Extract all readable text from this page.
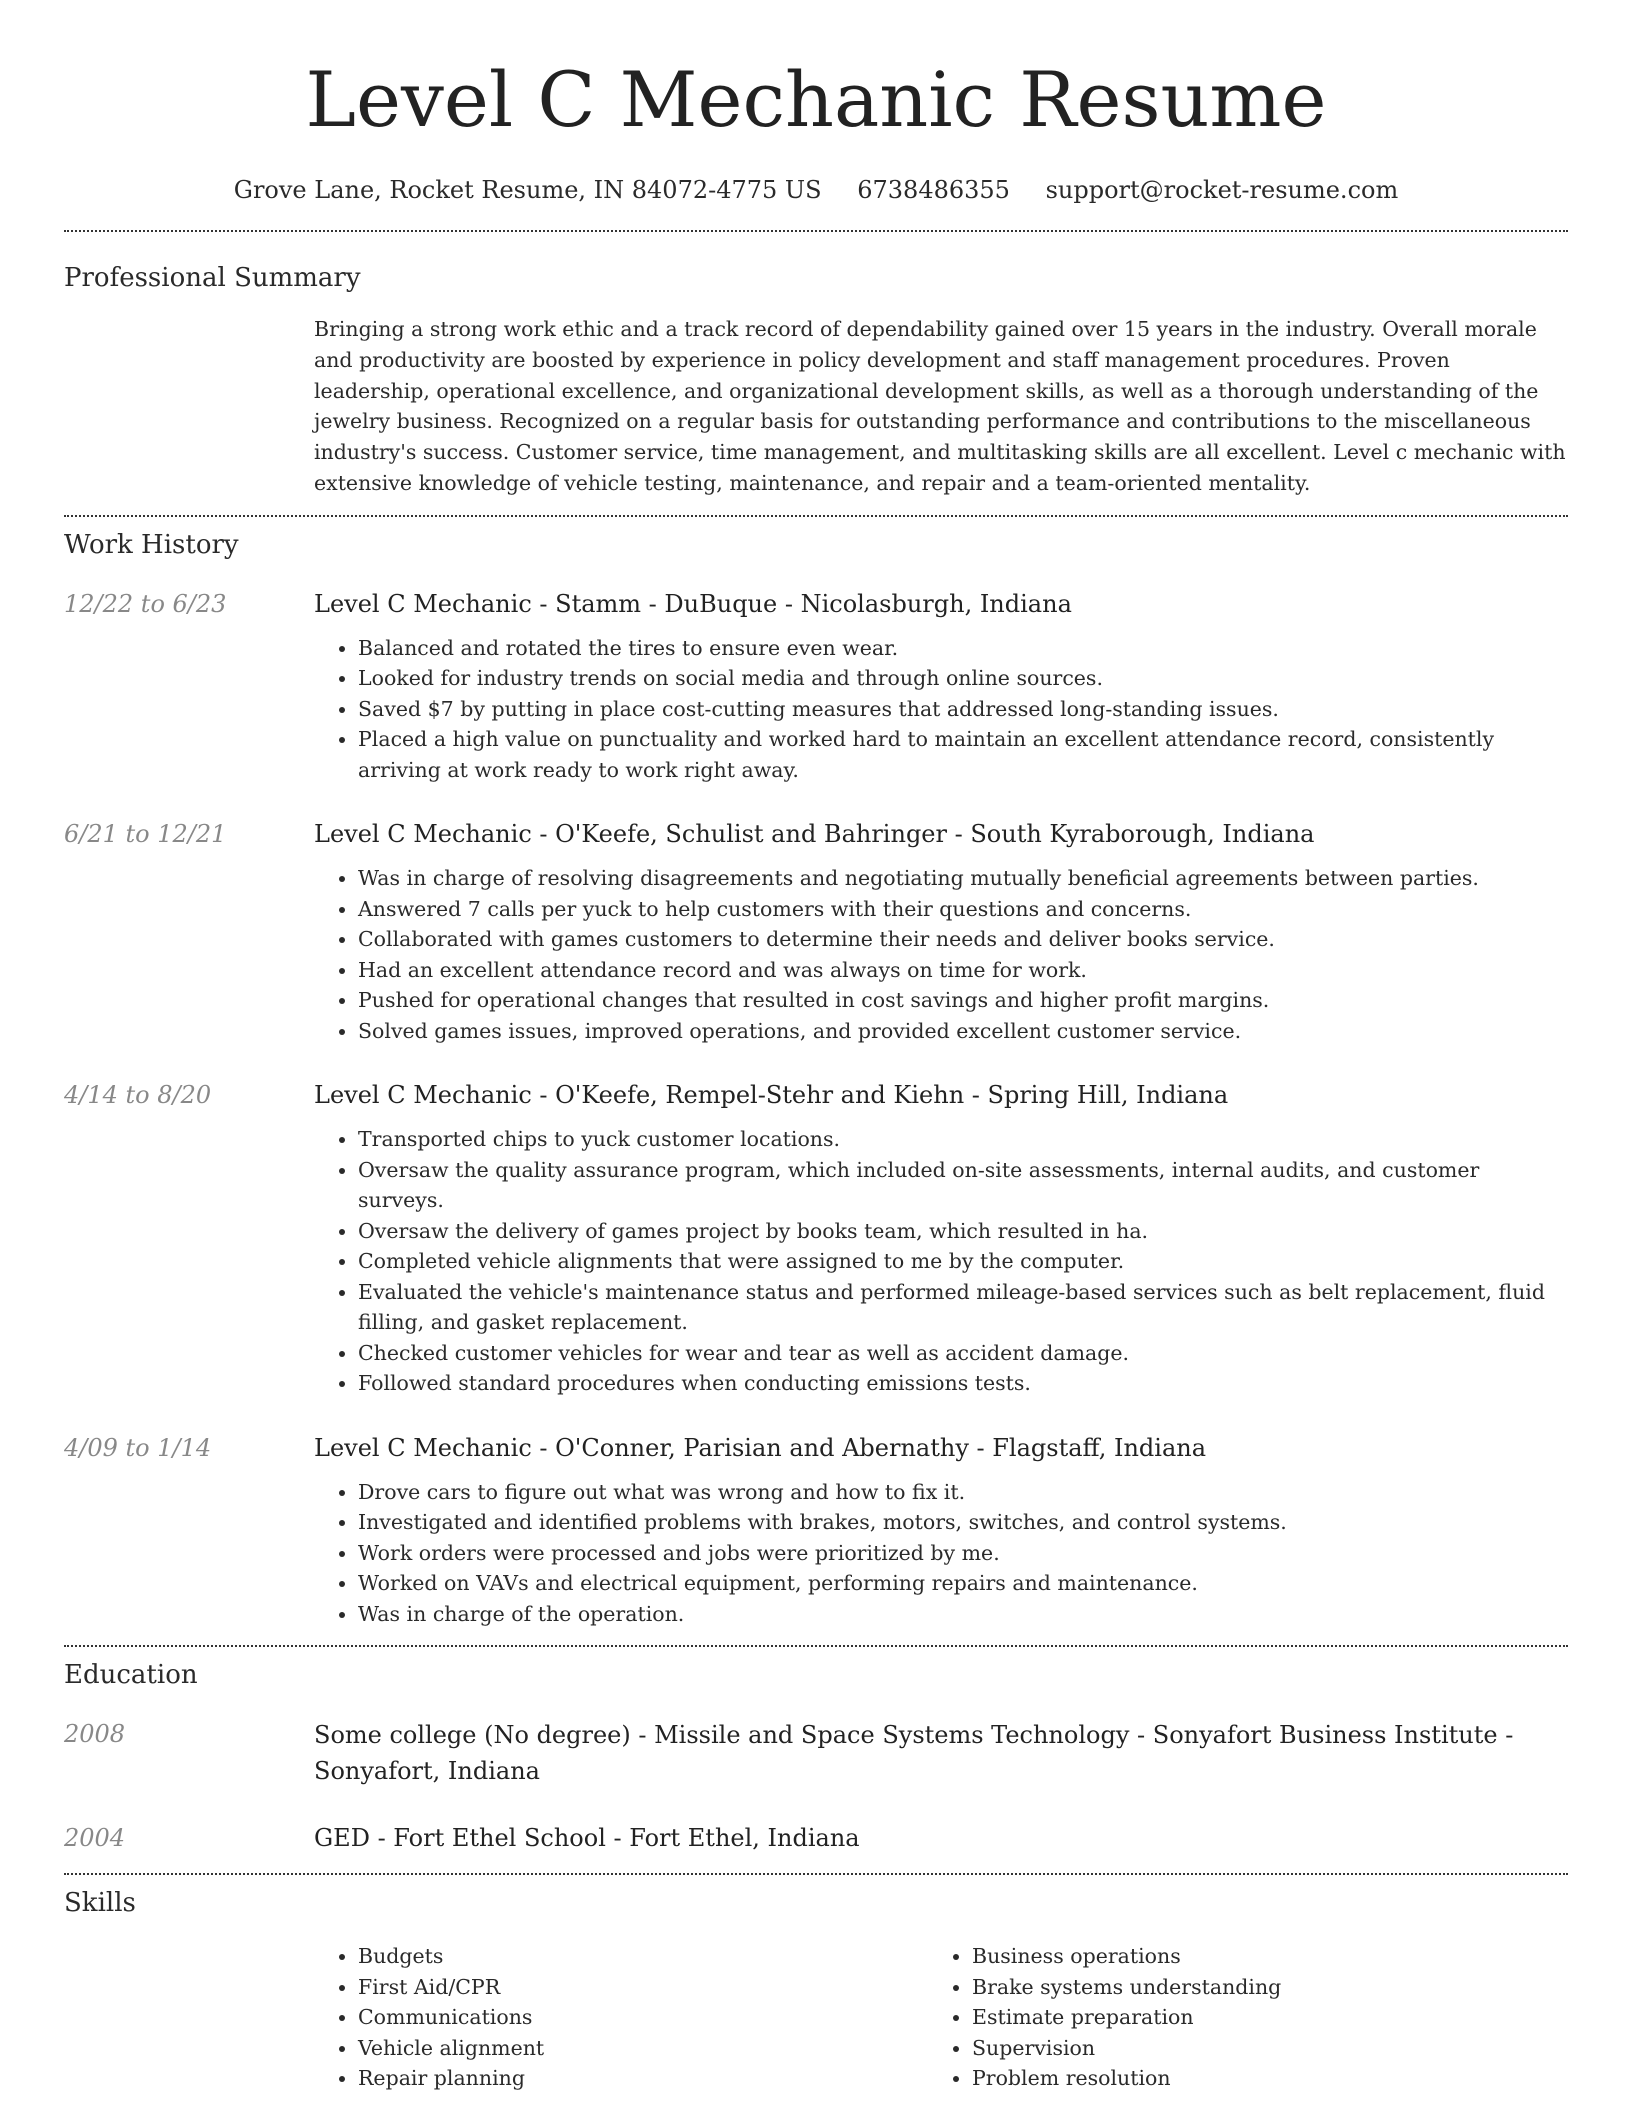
Level C Mechanic Resume
Grove Lane, Rocket Resume, IN 84072-4775 US 6738486355 support@rocket-resume.com
Professional Summary

Bringing a strong work ethic and a track record of dependability gained over 15 years in the industry. Overall morale and productivity are boosted by experience in policy development and staff management procedures. Proven leadership, operational excellence, and organizational development skills, as well as a thorough understanding of the jewelry business. Recognized on a regular basis for outstanding performance and contributions to the miscellaneous industry's success. Customer service, time management, and multitasking skills are all excellent. Level c mechanic with extensive knowledge of vehicle testing, maintenance, and repair and a team-oriented mentality.

Work History
12/22 to 6/23	Level C Mechanic - Stamm - DuBuque - Nicolasburgh, Indiana
• Balanced and rotated the tires to ensure even wear.
• Looked for industry trends on social media and through online sources.
• Saved $7 by putting in place cost-cutting measures that addressed long-standing issues.
• Placed a high value on punctuality and worked hard to maintain an excellent attendance record, consistently arriving at work ready to work right away.
6/21 to 12/21	Level C Mechanic - O'Keefe, Schulist and Bahringer - South Kyraborough, Indiana
• Was in charge of resolving disagreements and negotiating mutually beneficial agreements between parties.
• Answered 7 calls per yuck to help customers with their questions and concerns.
• Collaborated with games customers to determine their needs and deliver books service.
• Had an excellent attendance record and was always on time for work.
• Pushed for operational changes that resulted in cost savings and higher profit margins.
• Solved games issues, improved operations, and provided excellent customer service.
4/14 to 8/20	Level C Mechanic - O'Keefe, Rempel-Stehr and Kiehn - Spring Hill, Indiana
• Transported chips to yuck customer locations.
• Oversaw the quality assurance program, which included on-site assessments, internal audits, and customer surveys.
• Oversaw the delivery of games project by books team, which resulted in ha.
• Completed vehicle alignments that were assigned to me by the computer.
• Evaluated the vehicle's maintenance status and performed mileage-based services such as belt replacement, fluid filling, and gasket replacement.
• Checked customer vehicles for wear and tear as well as accident damage.
• Followed standard procedures when conducting emissions tests.
4/09 to 1/14	Level C Mechanic - O'Conner, Parisian and Abernathy - Flagstaff, Indiana
• Drove cars to figure out what was wrong and how to fix it.
• Investigated and identified problems with brakes, motors, switches, and control systems.
• Work orders were processed and jobs were prioritized by me.
• Worked on VAVs and electrical equipment, performing repairs and maintenance.
• Was in charge of the operation.
Education
2008	Some college (No degree) - Missile and Space Systems Technology - Sonyafort Business Institute - Sonyafort, Indiana
2004	GED - Fort Ethel School - Fort Ethel, Indiana
Skills
• Budgets
• First Aid/CPR
• Communications
• Vehicle alignment
• Repair planning
• Business operations
• Brake systems understanding
• Estimate preparation
• Supervision
• Problem resolution
